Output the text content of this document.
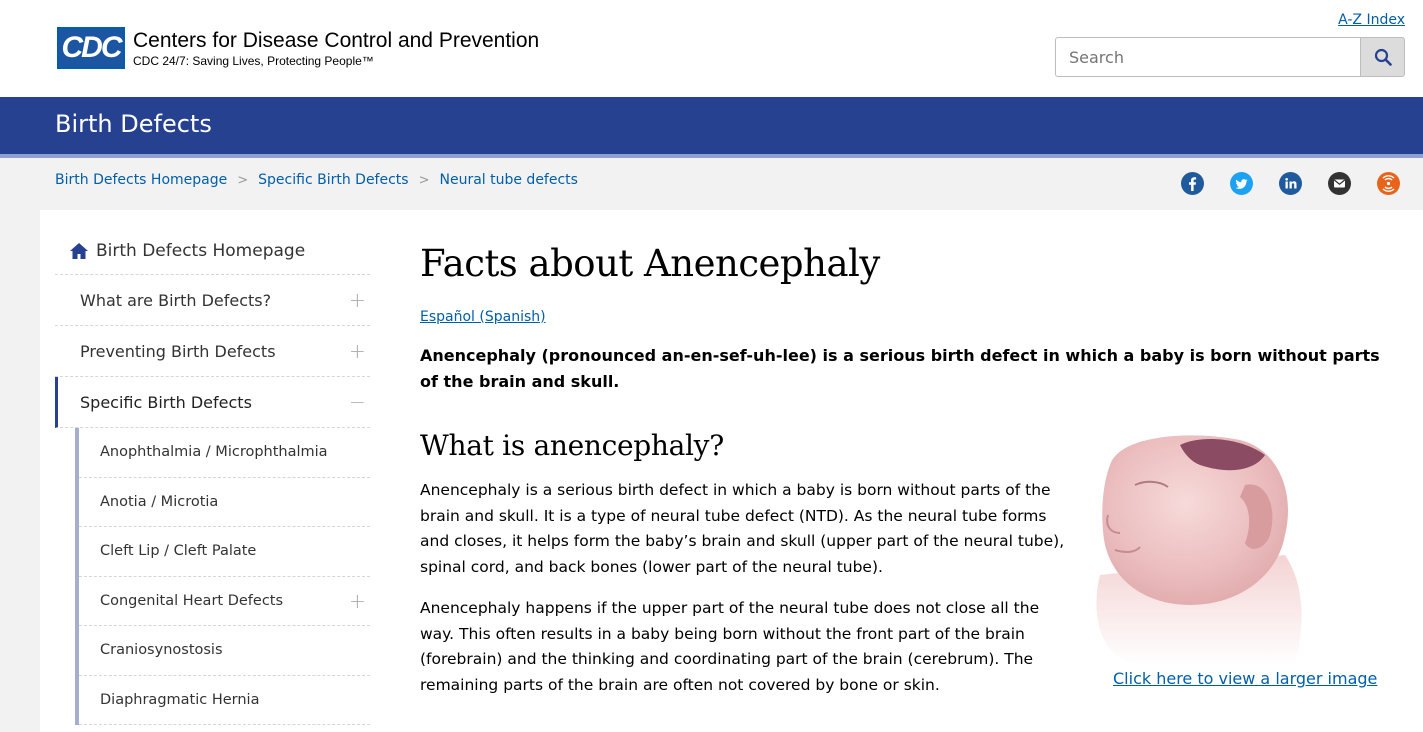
CDC Centers for Disease Control and Prevention
CDC 24/7: Saving Lives, Protecting People™
A-Z Index
Search
Birth Defects
Birth Defects Homepage > Specific Birth Defects > Neural tube defects
Birth Defects Homepage
What are Birth Defects?	+
Preventing Birth Defects	+
Specific Birth Defects	−
Anophthalmia / Microphthalmia
Anotia / Microtia
Cleft Lip / Cleft Palate
Congenital Heart Defects	+
Craniosynostosis
Diaphragmatic Hernia
Facts about Anencephaly
Español (Spanish)
Anencephaly (pronounced an-en-sef-uh-lee) is a serious birth defect in which a baby is born without parts of the brain and skull.
What is anencephaly?
Anencephaly is a serious birth defect in which a baby is born without parts of the brain and skull. It is a type of neural tube defect (NTD). As the neural tube forms and closes, it helps form the baby’s brain and skull (upper part of the neural tube), spinal cord, and back bones (lower part of the neural tube).
Anencephaly happens if the upper part of the neural tube does not close all the way. This often results in a baby being born without the front part of the brain (forebrain) and the thinking and coordinating part of the brain (cerebrum). The remaining parts of the brain are often not covered by bone or skin.	Click here to view a larger image
